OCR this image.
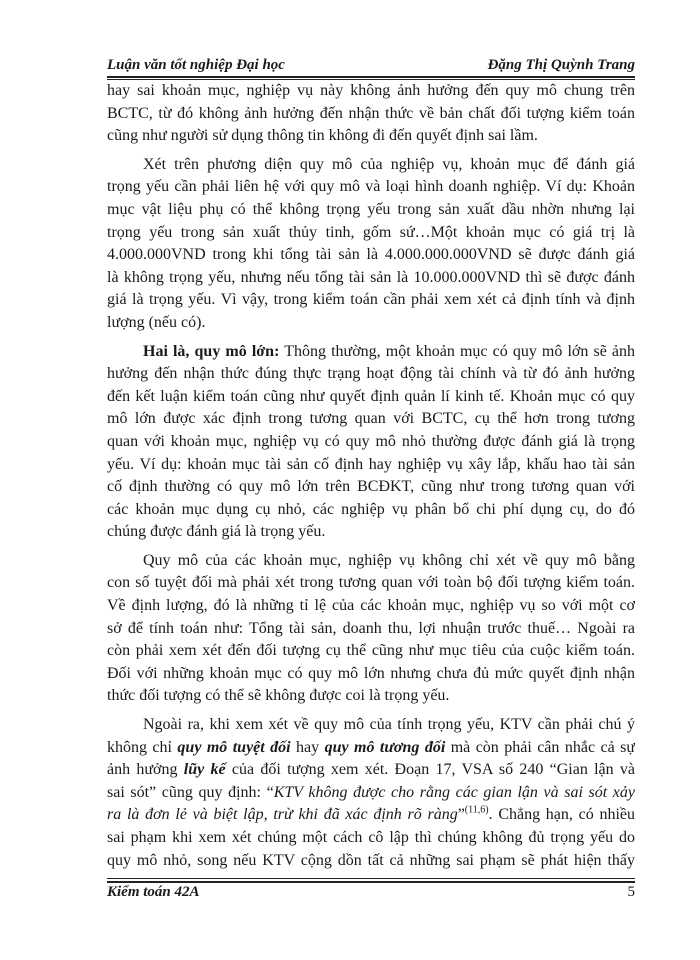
Luận văn tốt nghiệp Đại học	Đặng Thị Quỳnh Trang
hay sai khoản mục, nghiệp vụ này không ảnh hưởng đến quy mô chung trên
BCTC, từ đó không ảnh hưởng đến nhận thức về bản chất đối tượng kiểm toán
cũng như người sử dụng thông tin không đi đến quyết định sai lầm.
Xét trên phương diện quy mô của nghiệp vụ, khoản mục để đánh giá
trọng yếu cần phải liên hệ với quy mô và loại hình doanh nghiệp. Ví dụ: Khoản
mục vật liệu phụ có thể không trọng yếu trong sản xuất dầu nhờn nhưng lại
trọng yếu trong sản xuất thủy tinh, gốm sứ…Một khoản mục có giá trị là
4.000.000VND trong khi tổng tài sản là 4.000.000.000VND sẽ được đánh giá
là không trọng yếu, nhưng nếu tổng tài sản là 10.000.000VND thì sẽ được đánh
giá là trọng yếu. Vì vậy, trong kiểm toán cần phải xem xét cả định tính và định
lượng (nếu có).
Hai là, quy mô lớn: Thông thường, một khoản mục có quy mô lớn sẽ ảnh
hưởng đến nhận thức đúng thực trạng hoạt động tài chính và từ đó ảnh hưởng
đến kết luận kiểm toán cũng như quyết định quản lí kinh tế. Khoản mục có quy
mô lớn được xác định trong tương quan với BCTC, cụ thể hơn trong tương
quan với khoản mục, nghiệp vụ có quy mô nhỏ thường được đánh giá là trọng
yếu. Ví dụ: khoản mục tài sản cố định hay nghiệp vụ xây lắp, khấu hao tài sản
cố định thường có quy mô lớn trên BCĐKT, cũng như trong tương quan với
các khoản mục dụng cụ nhỏ, các nghiệp vụ phân bổ chi phí dụng cụ, do đó
chúng được đánh giá là trọng yếu.
Quy mô của các khoản mục, nghiệp vụ không chỉ xét về quy mô bằng
con số tuyệt đối mà phải xét trong tương quan với toàn bộ đối tượng kiểm toán.
Về định lượng, đó là những tỉ lệ của các khoản mục, nghiệp vụ so với một cơ
sở để tính toán như: Tổng tài sản, doanh thu, lợi nhuận trước thuế… Ngoài ra
còn phải xem xét đến đối tượng cụ thể cũng như mục tiêu của cuộc kiểm toán.
Đối với những khoản mục có quy mô lớn nhưng chưa đủ mức quyết định nhận
thức đối tượng có thể sẽ không được coi là trọng yếu.
Ngoài ra, khi xem xét về quy mô của tính trọng yếu, KTV cần phải chú ý
không chỉ quy mô tuyệt đối hay quy mô tương đối mà còn phải cân nhắc cả sự
ảnh hưởng lũy kế của đối tượng xem xét. Đoạn 17, VSA số 240 “Gian lận và
sai sót” cũng quy định: “KTV không được cho rằng các gian lận và sai sót xảy
ra là đơn lẻ và biệt lập, trừ khi đã xác định rõ ràng”$^{(11,6)}$. Chẳng hạn, có nhiều
sai phạm khi xem xét chúng một cách cô lập thì chúng không đủ trọng yếu do
quy mô nhỏ, song nếu KTV cộng dồn tất cả những sai phạm sẽ phát hiện thấy
Kiểm toán 42A	5
